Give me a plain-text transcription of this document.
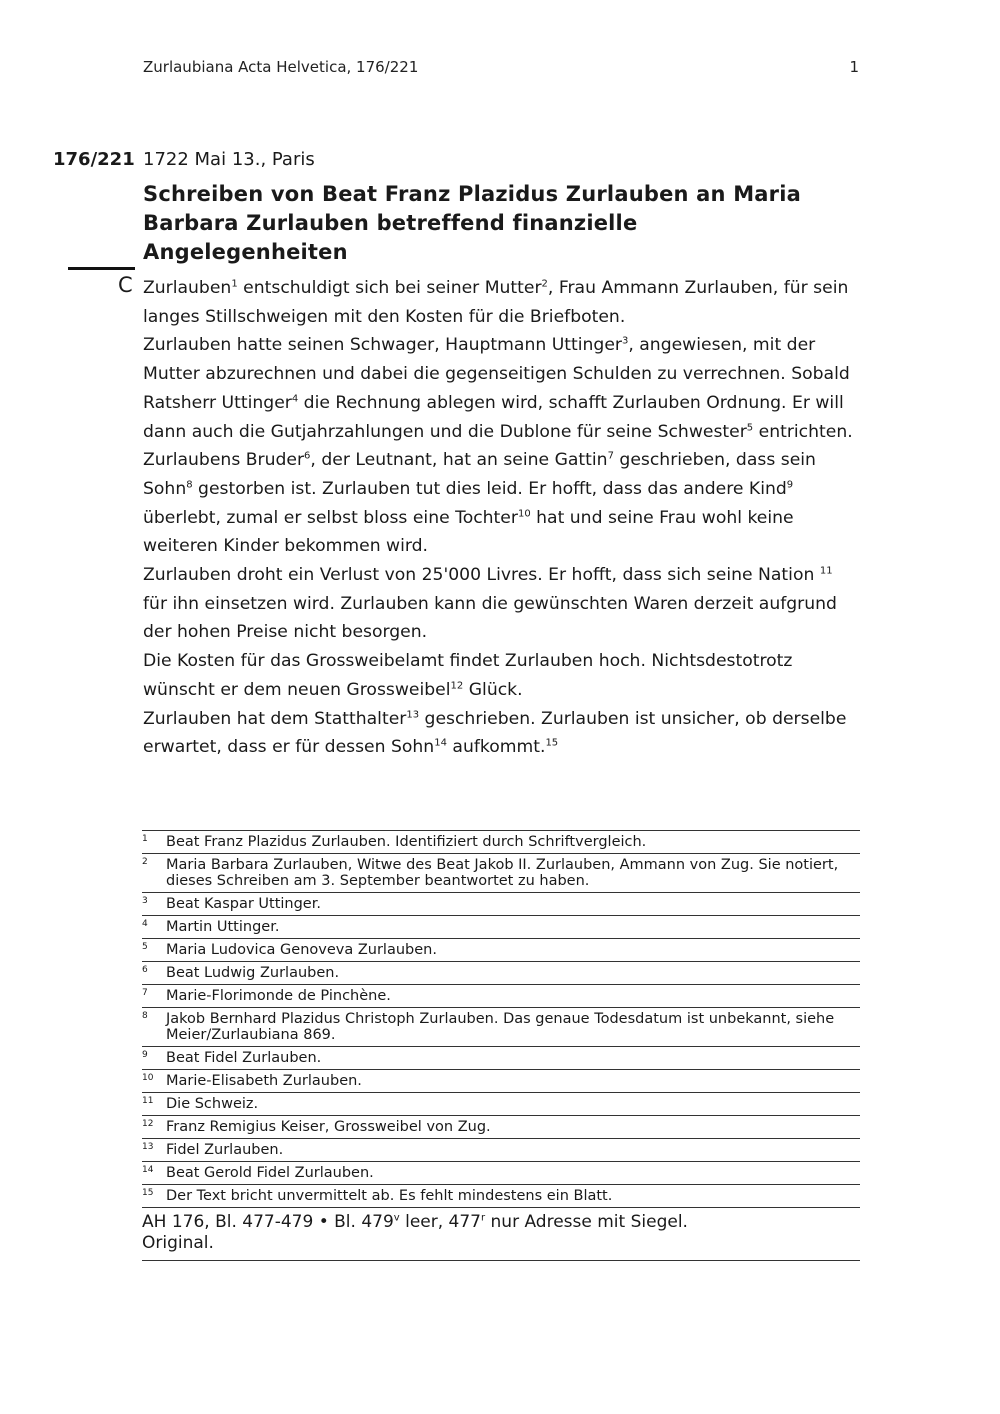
Zurlaubiana Acta Helvetica, 176/221	1
176/221 1722 Mai 13., Paris
Schreiben von Beat Franz Plazidus Zurlauben an Maria Barbara Zurlauben betreffend finanzielle Angelegenheiten
C Zurlauben$^1$ entschuldigt sich bei seiner Mutter$^2$, Frau Ammann Zurlauben, für sein langes Stillschweigen mit den Kosten für die Briefboten.

Zurlauben hatte seinen Schwager, Hauptmann Uttinger$^3$, angewiesen, mit der Mutter abzurechnen und dabei die gegenseitigen Schulden zu verrechnen. Sobald Ratsherr Uttinger$^4$ die Rechnung ablegen wird, schafft Zurlauben Ordnung. Er will dann auch die Gutjahrzahlungen und die Dublone für seine Schwester$^5$ entrichten.

Zurlaubens Bruder$^6$, der Leutnant, hat an seine Gattin$^7$ geschrieben, dass sein Sohn$^8$ gestorben ist. Zurlauben tut dies leid. Er hofft, dass das andere Kind$^9$ überlebt, zumal er selbst bloss eine Tochter$^{10}$ hat und seine Frau wohl keine weiteren Kinder bekommen wird.

Zurlauben droht ein Verlust von 25'000 Livres. Er hofft, dass sich seine Nation $^{11}$ für ihn einsetzen wird. Zurlauben kann die gewünschten Waren derzeit aufgrund der hohen Preise nicht besorgen.

Die Kosten für das Grossweibelamt findet Zurlauben hoch. Nichtsdestotrotz wünscht er dem neuen Grossweibel$^{12}$ Glück.

Zurlauben hat dem Statthalter$^{13}$ geschrieben. Zurlauben ist unsicher, ob derselbe erwartet, dass er für dessen Sohn$^{14}$ aufkommt.$^{15}$

1	Beat Franz Plazidus Zurlauben. Identifiziert durch Schriftvergleich.
2	Maria Barbara Zurlauben, Witwe des Beat Jakob II. Zurlauben, Ammann von Zug. Sie notiert, dieses Schreiben am 3. September beantwortet zu haben.
3	Beat Kaspar Uttinger.
4	Martin Uttinger.
5	Maria Ludovica Genoveva Zurlauben.
6	Beat Ludwig Zurlauben.
7	Marie-Florimonde de Pinchène.
8	Jakob Bernhard Plazidus Christoph Zurlauben. Das genaue Todesdatum ist unbekannt, siehe Meier/Zurlaubiana 869.
9	Beat Fidel Zurlauben.
10 Marie-Elisabeth Zurlauben.
11 Die Schweiz.
12 Franz Remigius Keiser, Grossweibel von Zug.
13 Fidel Zurlauben.
14 Beat Gerold Fidel Zurlauben.
15 Der Text bricht unvermittelt ab. Es fehlt mindestens ein Blatt.
AH 176, Bl. 477-479 • Bl. 479$^v$ leer, 477$^r$ nur Adresse mit Siegel.
Original.
